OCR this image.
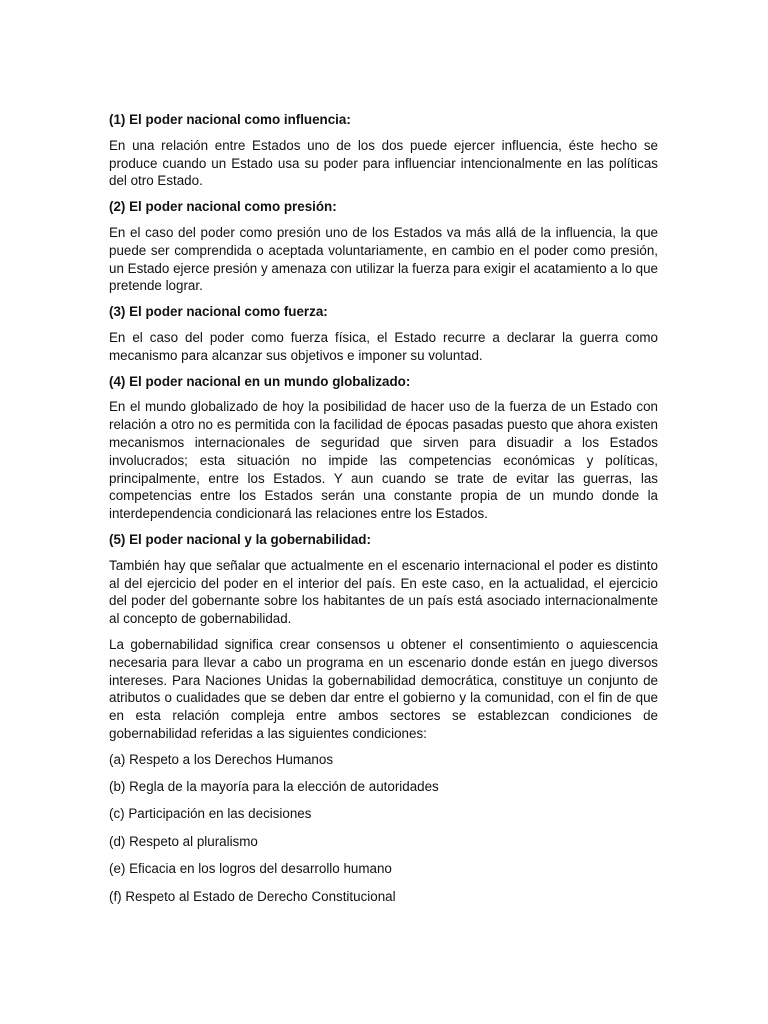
(1) El poder nacional como influencia:

En una relación entre Estados uno de los dos puede ejercer influencia, éste hecho se produce cuando un Estado usa su poder para influenciar intencionalmente en las políticas del otro Estado.

(2) El poder nacional como presión:

En el caso del poder como presión uno de los Estados va más allá de la influencia, la que puede ser comprendida o aceptada voluntariamente, en cambio en el poder como presión, un Estado ejerce presión y amenaza con utilizar la fuerza para exigir el acatamiento a lo que pretende lograr.

(3) El poder nacional como fuerza:

En el caso del poder como fuerza física, el Estado recurre a declarar la guerra como mecanismo para alcanzar sus objetivos e imponer su voluntad.

(4) El poder nacional en un mundo globalizado:

En el mundo globalizado de hoy la posibilidad de hacer uso de la fuerza de un Estado con relación a otro no es permitida con la facilidad de épocas pasadas puesto que ahora existen mecanismos internacionales de seguridad que sirven para disuadir a los Estados involucrados; esta situación no impide las competencias económicas y políticas, principalmente, entre los Estados. Y aun cuando se trate de evitar las guerras, las competencias entre los Estados serán una constante propia de un mundo donde la interdependencia condicionará las relaciones entre los Estados.

(5) El poder nacional y la gobernabilidad:

También hay que señalar que actualmente en el escenario internacional el poder es distinto al del ejercicio del poder en el interior del país. En este caso, en la actualidad, el ejercicio del poder del gobernante sobre los habitantes de un país está asociado internacionalmente al concepto de gobernabilidad.

La gobernabilidad significa crear consensos u obtener el consentimiento o aquiescencia necesaria para llevar a cabo un programa en un escenario donde están en juego diversos intereses. Para Naciones Unidas la gobernabilidad democrática, constituye un conjunto de atributos o cualidades que se deben dar entre el gobierno y la comunidad, con el fin de que en esta relación compleja entre ambos sectores se establezcan condiciones de gobernabilidad referidas a las siguientes condiciones:

(a) Respeto a los Derechos Humanos

(b) Regla de la mayoría para la elección de autoridades

(c) Participación en las decisiones

(d) Respeto al pluralismo

(e) Eficacia en los logros del desarrollo humano

(f) Respeto al Estado de Derecho Constitucional
